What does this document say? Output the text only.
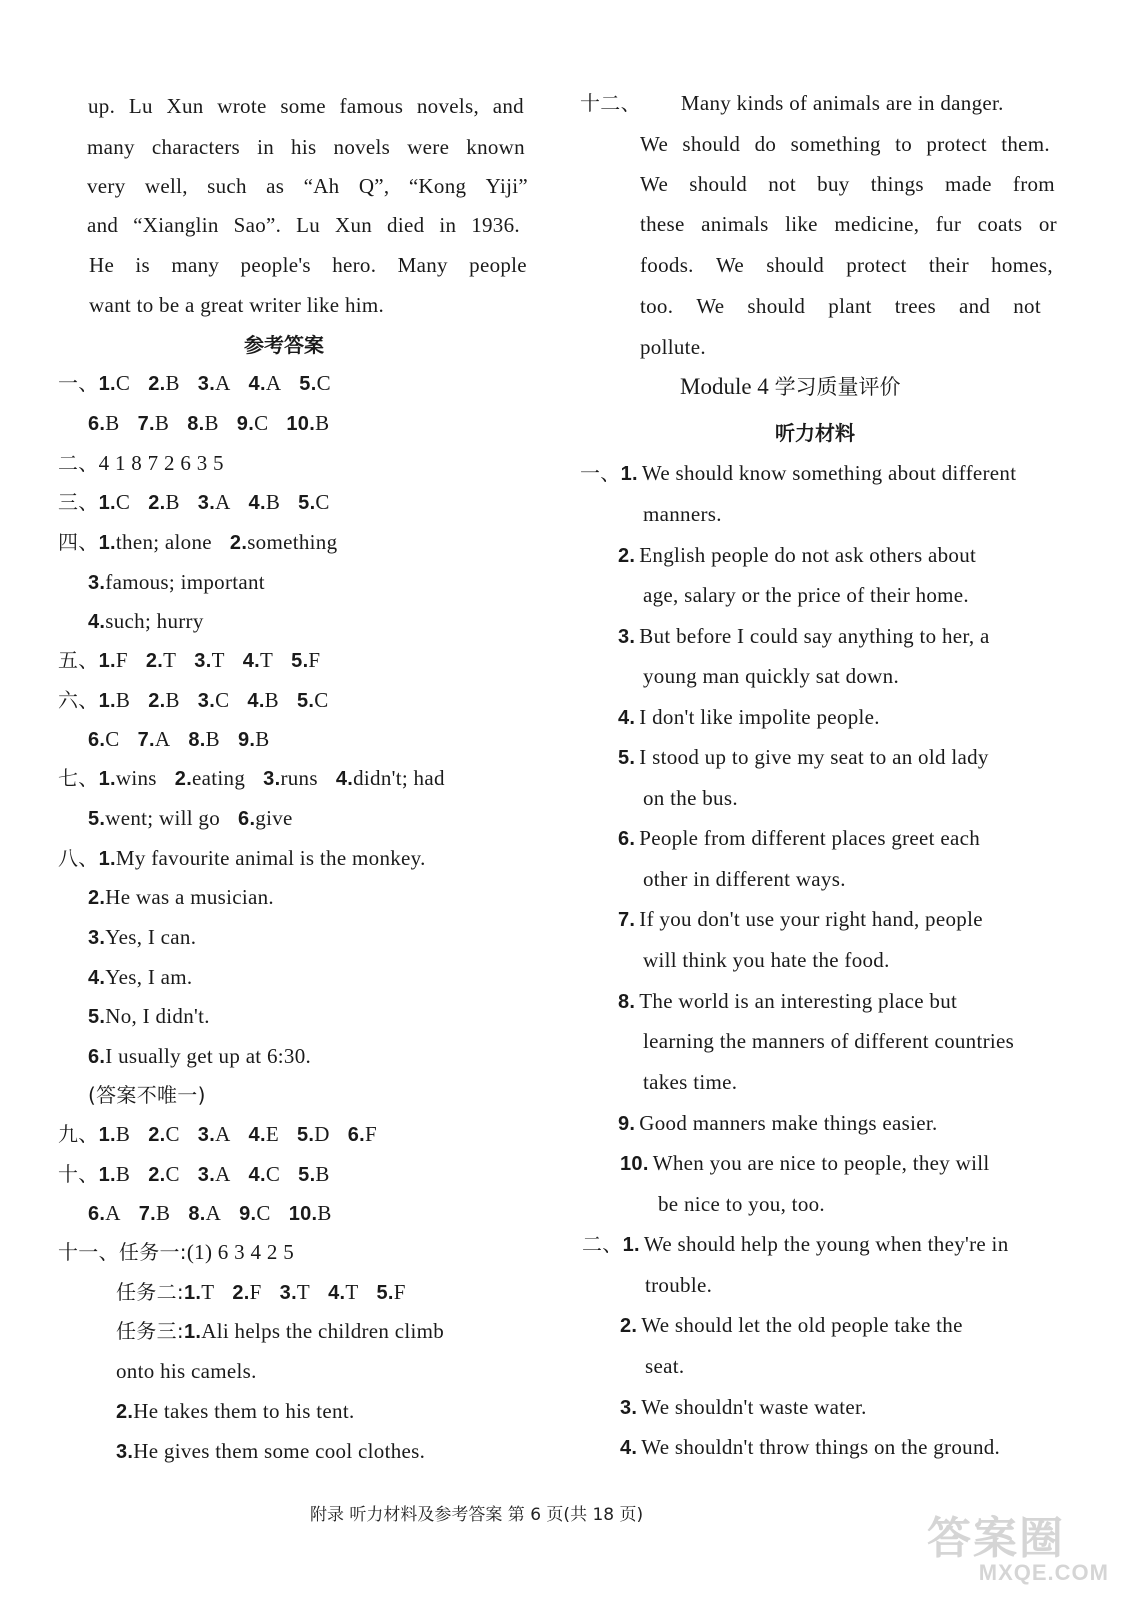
up. Lu Xun wrote some famous novels, and
many characters in his novels were known
very well, such as “Ah Q”, “Kong Yiji”
and “Xianglin Sao”. Lu Xun died in 1936.
He is many people's hero. Many people
want to be a great writer like him.
参考答案
一、1.C 2.B 3.A 4.A 5.C
6.B 7.B 8.B 9.C 10.B
二、4 1 8 7 2 6 3 5
三、1.C 2.B 3.A 4.B 5.C
四、1.then; alone 2.something
3.famous; important
4.such; hurry
五、1.F 2.T 3.T 4.T 5.F
六、1.B 2.B 3.C 4.B 5.C
6.C 7.A 8.B 9.B
七、1.wins 2.eating 3.runs 4.didn't; had
5.went; will go 6.give
八、1.My favourite animal is the monkey.
2.He was a musician.
3.Yes, I can.
4.Yes, I am.
5.No, I didn't.
6.I usually get up at 6:30.
(答案不唯一)
九、1.B 2.C 3.A 4.E 5.D 6.F
十、1.B 2.C 3.A 4.C 5.B
6.A 7.B 8.A 9.C 10.B
十一、任务一:(1) 6 3 4 2 5
任务二:1.T 2.F 3.T 4.T 5.F
任务三:1.Ali helps the children climb
onto his camels.
2.He takes them to his tent.
3.He gives them some cool clothes.
十二、 Many kinds of animals are in danger.
We should do something to protect them.
We should not buy things made from
these animals like medicine, fur coats or
foods. We should protect their homes,
too. We should plant trees and not
pollute.
Module 4 学习质量评价
听力材料
一、1. We should know something about different
manners.
2. English people do not ask others about
age, salary or the price of their home.
3. But before I could say anything to her, a
young man quickly sat down.
4. I don't like impolite people.
5. I stood up to give my seat to an old lady
on the bus.
6. People from different places greet each
other in different ways.
7. If you don't use your right hand, people
will think you hate the food.
8. The world is an interesting place but
learning the manners of different countries
takes time.
9. Good manners make things easier.
10. When you are nice to people, they will
be nice to you, too.
二、1. We should help the young when they're in
trouble.
2. We should let the old people take the
seat.
3. We shouldn't waste water.
4. We shouldn't throw things on the ground.
附录 听力材料及参考答案 第 6 页(共 18 页)	答案圈
MXQE.COM
